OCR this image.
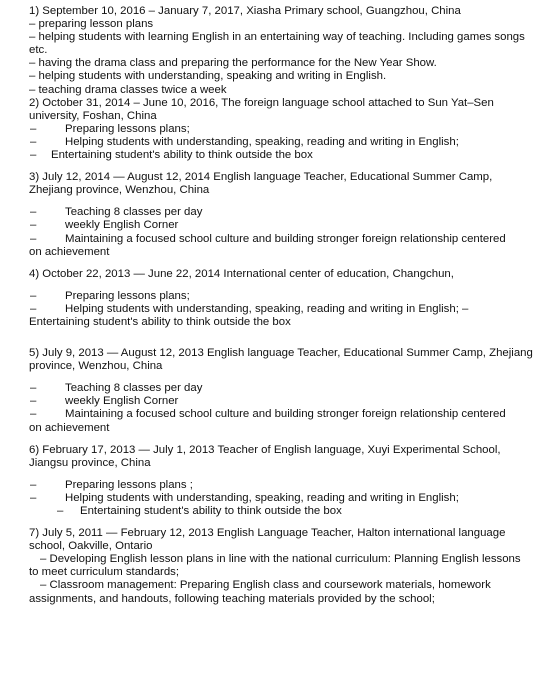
1) September 10, 2016 – January 7, 2017, Xiasha Primary school, Guangzhou, China
– preparing lesson plans
– helping students with learning English in an entertaining way of teaching. Including games songs etc.
– having the drama class and preparing the performance for the New Year Show.
– helping students with understanding, speaking and writing in English.
– teaching drama classes twice a week
2) October 31, 2014 – June 10, 2016, The foreign language school attached to Sun Yat–Sen university, Foshan, China
–	Preparing lessons plans;
–	Helping students with understanding, speaking, reading and writing in English;
– Entertaining student's ability to think outside the box
3) July 12, 2014 — August 12, 2014 English language Teacher, Educational Summer Camp, Zhejiang province, Wenzhou, China
–	Teaching 8 classes per day
–	weekly English Corner
–	Maintaining a focused school culture and building stronger foreign relationship centered
on achievement
4) October 22, 2013 — June 22, 2014 International center of education, Changchun,
–	Preparing lessons plans;
–	Helping students with understanding, speaking, reading and writing in English; –
Entertaining student's ability to think outside the box
5) July 9, 2013 — August 12, 2013 English language Teacher, Educational Summer Camp, Zhejiang province, Wenzhou, China
–	Teaching 8 classes per day
–	weekly English Corner
–	Maintaining a focused school culture and building stronger foreign relationship centered
on achievement
6) February 17, 2013 — July 1, 2013 Teacher of English language, Xuyi Experimental School, Jiangsu province, China
–	Preparing lessons plans ;
–	Helping students with understanding, speaking, reading and writing in English;
– Entertaining student's ability to think outside the box
7) July 5, 2011 — February 12, 2013 English Language Teacher, Halton international language school, Oakville, Ontario
– Developing English lesson plans in line with the national curriculum: Planning English lessons to meet curriculum standards;
– Classroom management: Preparing English class and coursework materials, homework assignments, and handouts, following teaching materials provided by the school;
